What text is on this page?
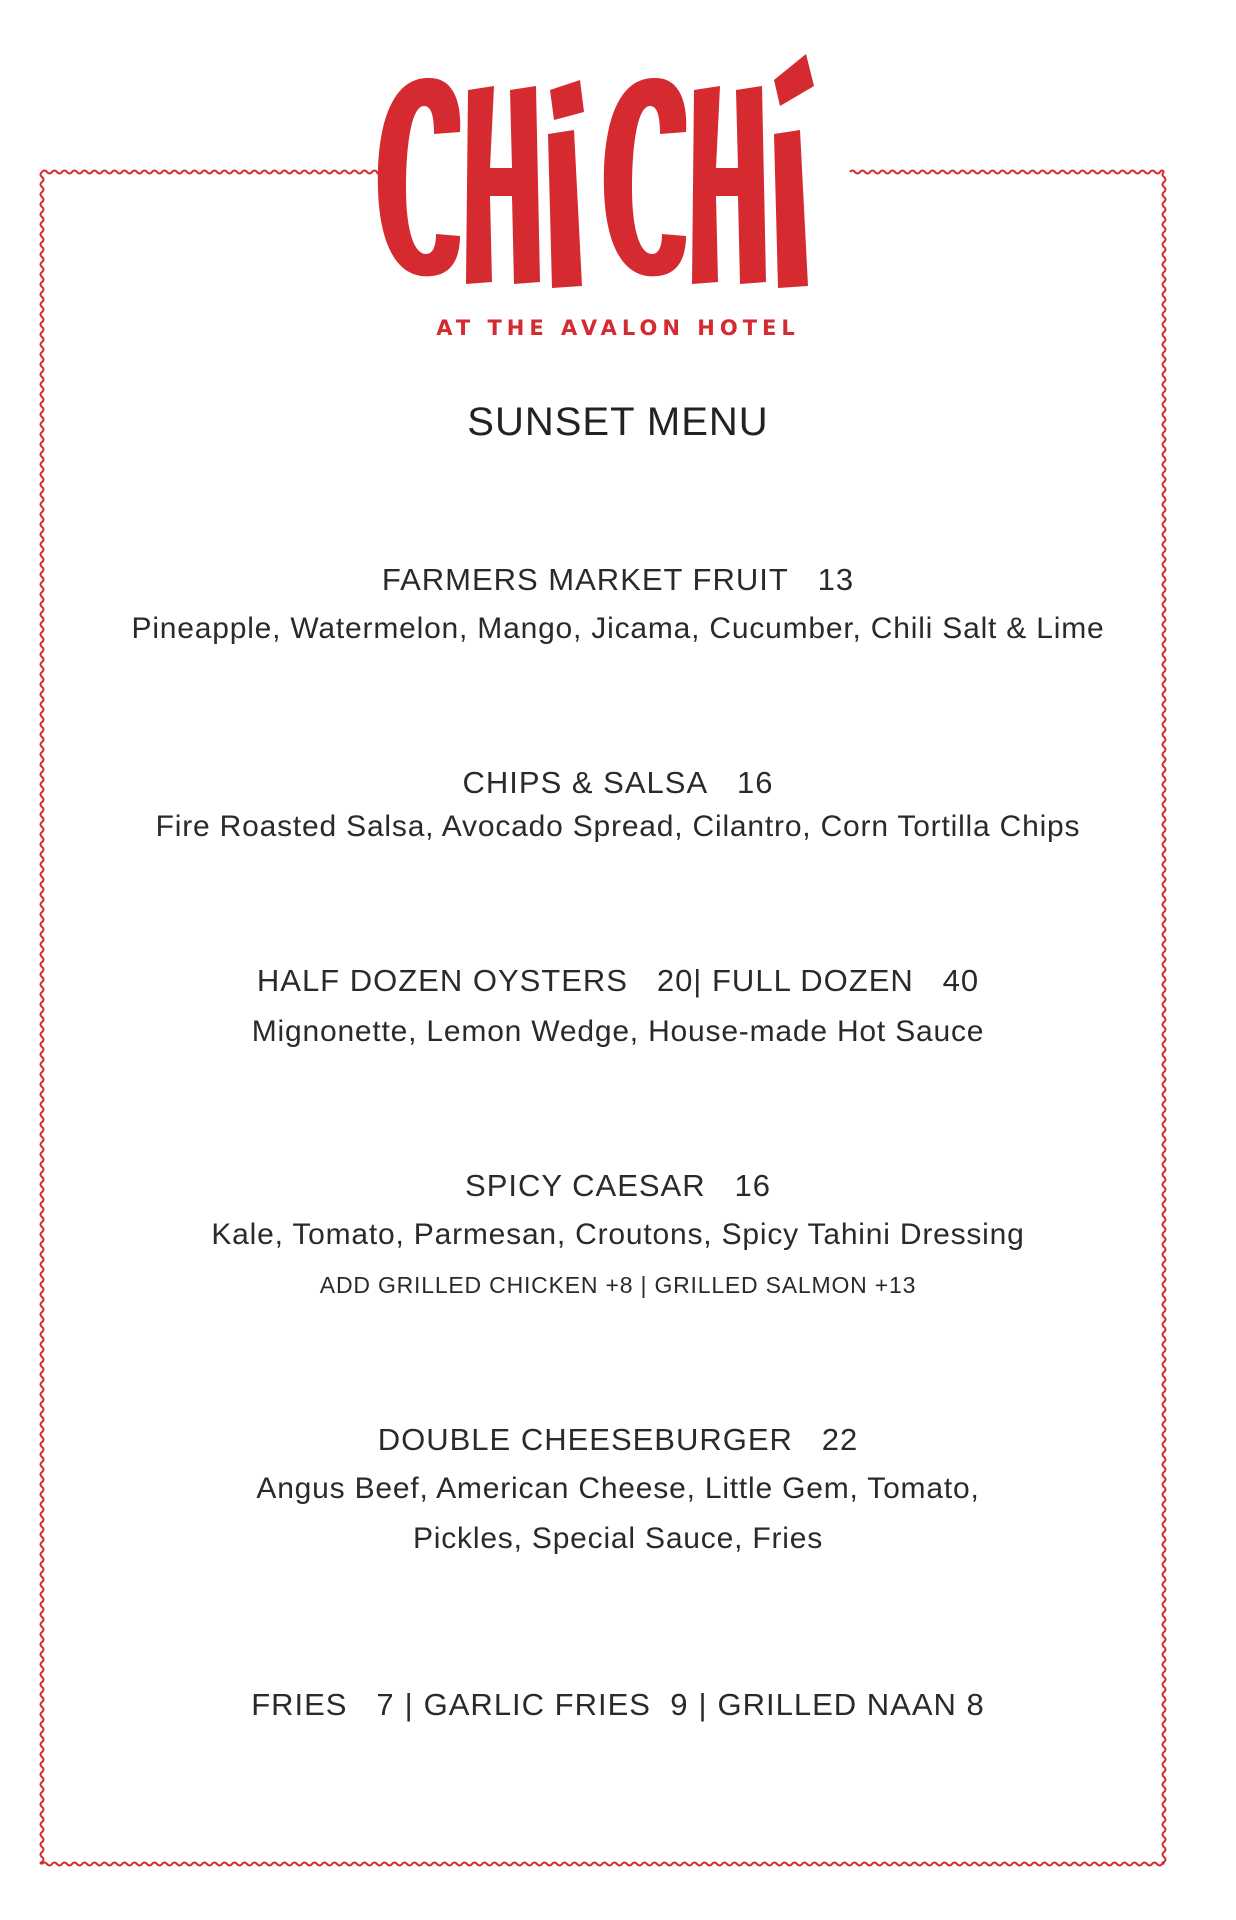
AT THE AVALON HOTEL
SUNSET MENU
FARMERS MARKET FRUIT 13
Pineapple, Watermelon, Mango, Jicama, Cucumber, Chili Salt & Lime
CHIPS & SALSA 16
Fire Roasted Salsa, Avocado Spread, Cilantro, Corn Tortilla Chips
HALF DOZEN OYSTERS 20| FULL DOZEN 40
Mignonette, Lemon Wedge, House-made Hot Sauce
SPICY CAESAR 16
Kale, Tomato, Parmesan, Croutons, Spicy Tahini Dressing
ADD GRILLED CHICKEN +8 | GRILLED SALMON +13
DOUBLE CHEESEBURGER 22
Angus Beef, American Cheese, Little Gem, Tomato,
Pickles, Special Sauce, Fries
FRIES 7 | GARLIC FRIES 9 | GRILLED NAAN 8
